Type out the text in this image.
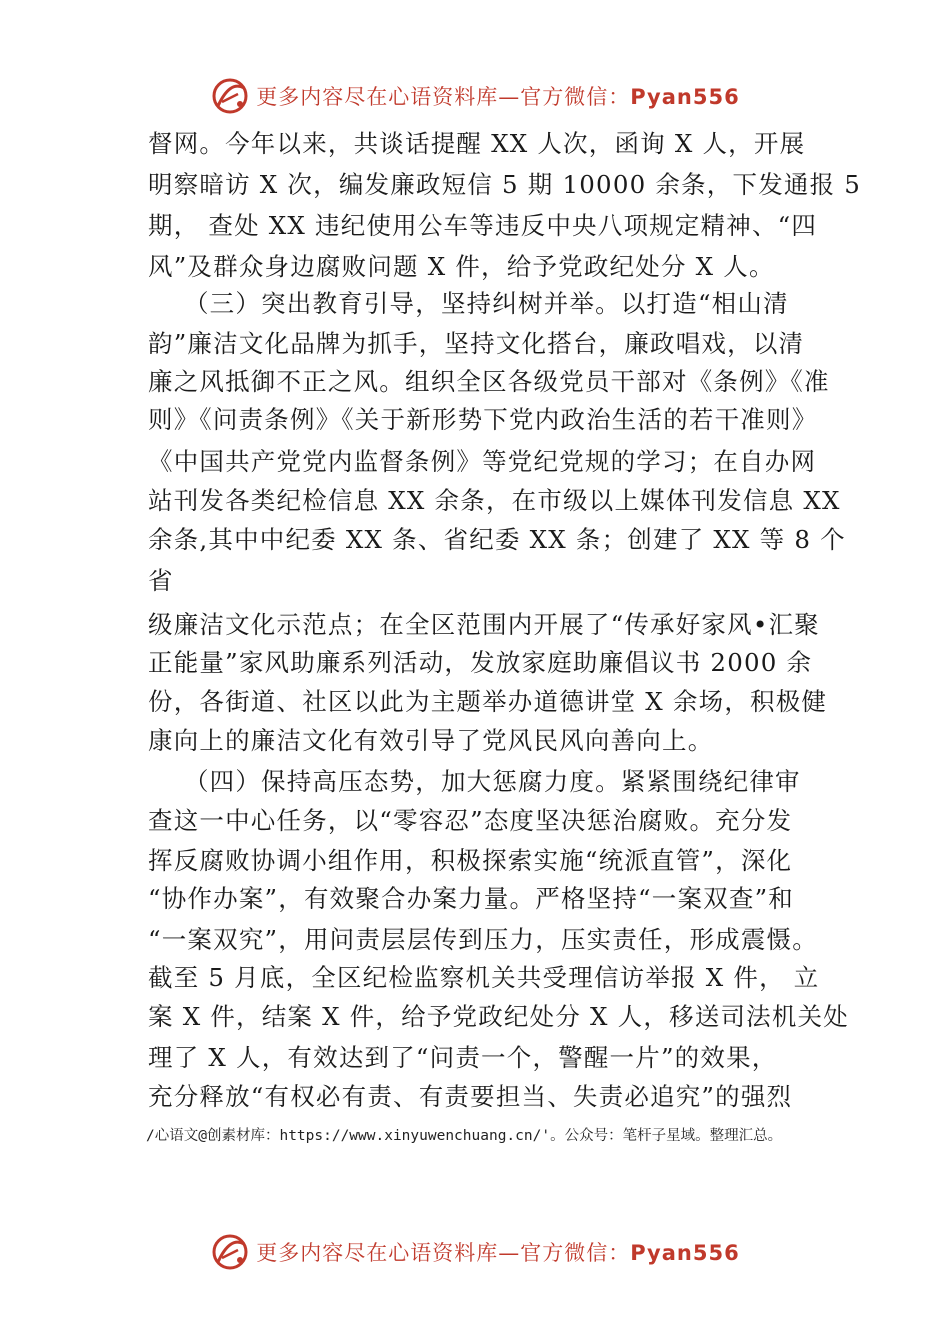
更多内容尽在心语资料库—官方微信：Pyan556
督网。今年以来，共谈话提醒 XX 人次，函询 X 人，开展
明察暗访 X 次，编发廉政短信 5 期 10000 余条，下发通报 5
期， 查处 XX 违纪使用公车等违反中央八项规定精神、“四
风”及群众身边腐败问题 X 件，给予党政纪处分 X 人。
（三）突出教育引导，坚持纠树并举。以打造“相山清
韵”廉洁文化品牌为抓手，坚持文化搭台，廉政唱戏，以清
廉之风抵御不正之风。组织全区各级党员干部对《条例》《准
则》《问责条例》《关于新形势下党内政治生活的若干准则》
《中国共产党党内监督条例》等党纪党规的学习；在自办网
站刊发各类纪检信息 XX 余条，在市级以上媒体刊发信息 XX
余条,其中中纪委 XX 条、省纪委 XX 条；创建了 XX 等 8 个
省
级廉洁文化示范点；在全区范围内开展了“传承好家风•汇聚
正能量”家风助廉系列活动，发放家庭助廉倡议书 2000 余
份，各街道、社区以此为主题举办道德讲堂 X 余场，积极健
康向上的廉洁文化有效引导了党风民风向善向上。
（四）保持高压态势，加大惩腐力度。紧紧围绕纪律审
查这一中心任务，以“零容忍”态度坚决惩治腐败。充分发
挥反腐败协调小组作用，积极探索实施“统派直管”，深化
“协作办案”，有效聚合办案力量。严格坚持“一案双查”和
“一案双究”，用问责层层传到压力，压实责任，形成震慑。
截至 5 月底，全区纪检监察机关共受理信访举报 X 件， 立
案 X 件，结案 X 件，给予党政纪处分 X 人，移送司法机关处
理了 X 人，有效达到了“问责一个，警醒一片”的效果，
充分释放“有权必有责、有责要担当、失责必追究”的强烈
/心语文@创素材库：https://www.xinyuwenchuang.cn/'。公众号：笔杆子星域。整理汇总。
更多内容尽在心语资料库—官方微信：Pyan556
